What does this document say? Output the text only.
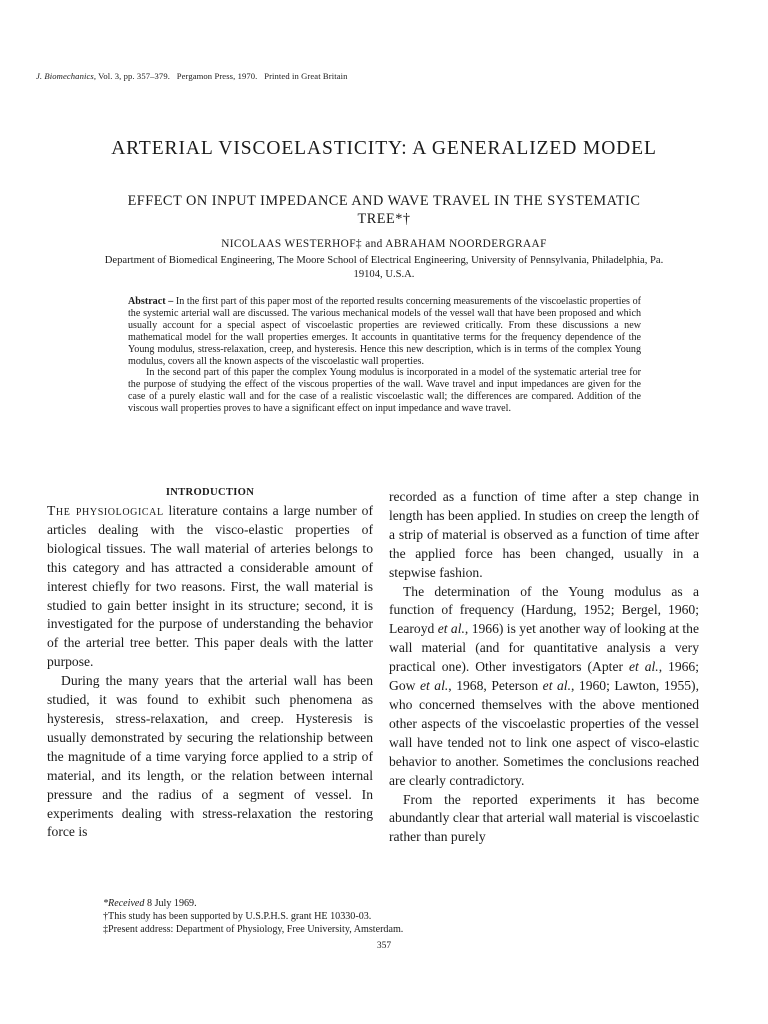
J. Biomechanics, Vol. 3, pp. 357–379. Pergamon Press, 1970. Printed in Great Britain
ARTERIAL VISCOELASTICITY: A GENERALIZED MODEL
EFFECT ON INPUT IMPEDANCE AND WAVE TRAVEL IN THE SYSTEMATIC TREE*†
NICOLAAS WESTERHOF‡ and ABRAHAM NOORDERGRAAF
Department of Biomedical Engineering, The Moore School of Electrical Engineering, University of Pennsylvania, Philadelphia, Pa. 19104, U.S.A.

Abstract – In the first part of this paper most of the reported results concerning measurements of the viscoelastic properties of the systemic arterial wall are discussed. The various mechanical models of the vessel wall that have been proposed and which usually account for a special aspect of viscoelastic properties are reviewed critically. From these discussions a new mathematical model for the wall properties emerges. It accounts in quantitative terms for the frequency dependence of the Young modulus, stress-relaxation, creep, and hysteresis. Hence this new description, which is in terms of the complex Young modulus, covers all the known aspects of the viscoelastic wall properties.

In the second part of this paper the complex Young modulus is incorporated in a model of the systematic arterial tree for the purpose of studying the effect of the viscous properties of the wall. Wave travel and input impedances are given for the case of a purely elastic wall and for the case of a realistic viscoelastic wall; the differences are compared. Addition of the viscous wall properties proves to have a significant effect on input impedance and wave travel.

INTRODUCTION

The physiological literature contains a large number of articles dealing with the visco-elastic properties of biological tissues. The wall material of arteries belongs to this category and has attracted a considerable amount of interest chiefly for two reasons. First, the wall material is studied to gain better insight in its structure; second, it is investigated for the purpose of understanding the behavior of the arterial tree better. This paper deals with the latter purpose.

During the many years that the arterial wall has been studied, it was found to exhibit such phenomena as hysteresis, stress-relaxation, and creep. Hysteresis is usually demonstrated by securing the relationship between the magnitude of a time varying force applied to a strip of material, and its length, or the relation between internal pressure and the radius of a segment of vessel. In experiments dealing with stress-relaxation the restoring force is

recorded as a function of time after a step change in length has been applied. In studies on creep the length of a strip of material is observed as a function of time after the applied force has been changed, usually in a stepwise fashion.

The determination of the Young modulus as a function of frequency (Hardung, 1952; Bergel, 1960; Learoyd et al., 1966) is yet another way of looking at the wall material (and for quantitative analysis a very practical one). Other investigators (Apter et al., 1966; Gow et al., 1968, Peterson et al., 1960; Lawton, 1955), who concerned themselves with the above mentioned other aspects of the viscoelastic properties of the vessel wall have tended not to link one aspect of visco-elastic behavior to another. Sometimes the conclusions reached are clearly contradictory.

From the reported experiments it has become abundantly clear that arterial wall material is viscoelastic rather than purely

*Received 8 July 1969.
†This study has been supported by U.S.P.H.S. grant HE 10330-03.
‡Present address: Department of Physiology, Free University, Amsterdam.
357
